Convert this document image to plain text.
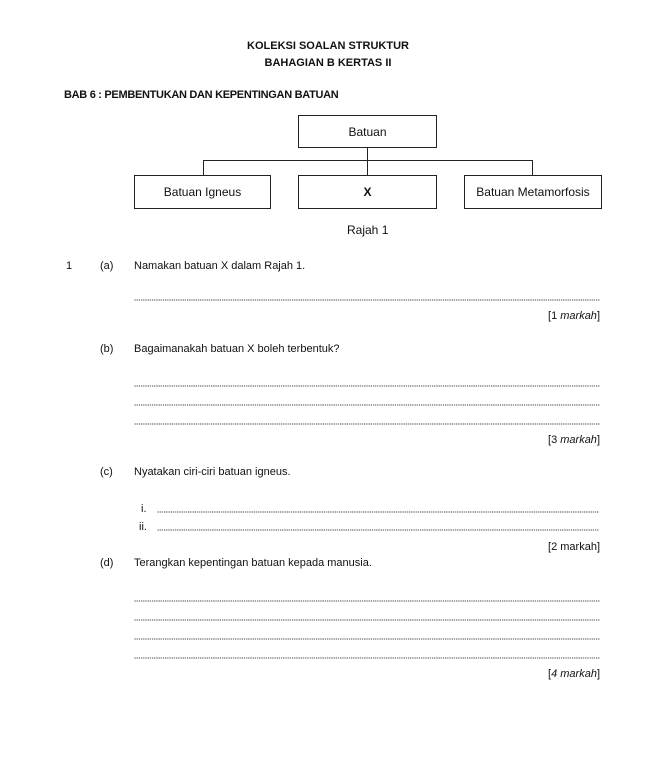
KOLEKSI SOALAN STRUKTUR
BAHAGIAN B KERTAS II
BAB 6 : PEMBENTUKAN DAN KEPENTINGAN BATUAN
Batuan
Batuan Igneus	X	Batuan Metamorfosis
Rajah 1
1	(a) Namakan batuan X dalam Rajah 1.
[1 markah]
(b) Bagaimanakah batuan X boleh terbentuk?
[3 markah]
(c) Nyatakan ciri-ciri batuan igneus.
i.
ii.
[2 markah]
(d) Terangkan kepentingan batuan kepada manusia.
[4 markah]
